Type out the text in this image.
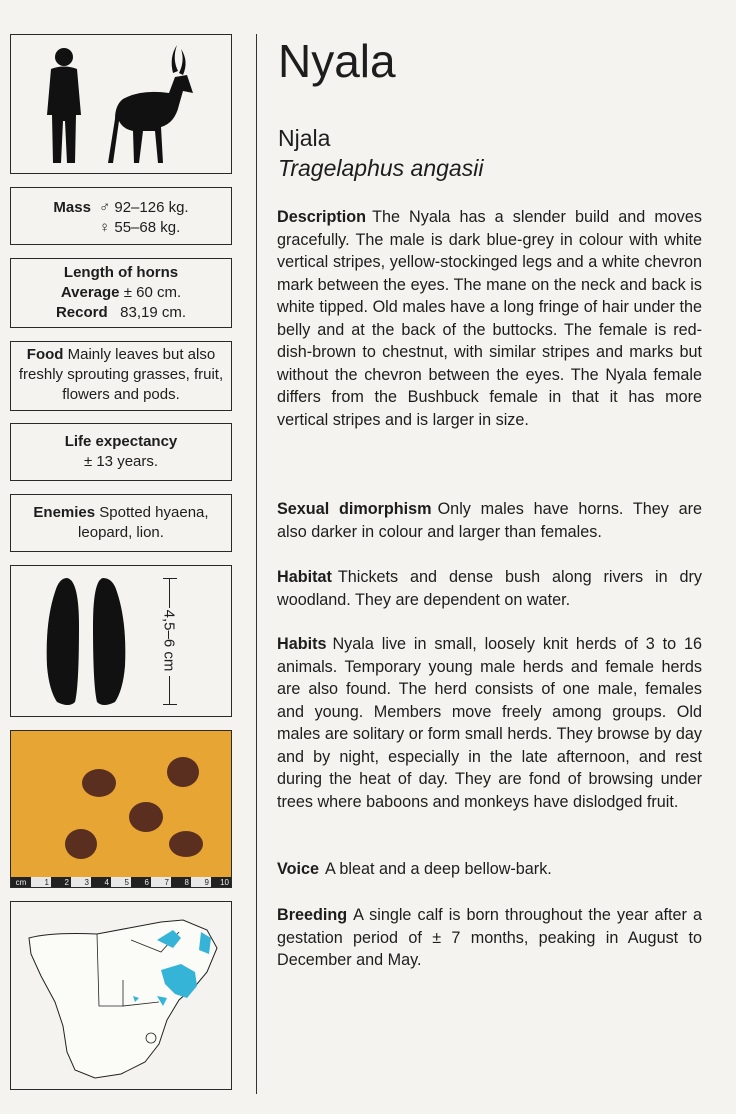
Mass ♂ 92–126 kg.
♀ 55–68 kg.
Length of horns
Average ± 60 cm.
Record 83,19 cm.
Food Mainly leaves but also freshly sprouting grasses, fruit, flowers and pods.
Life expectancy
± 13 years.
Enemies Spotted hyaena, leopard, lion.
4,5–6 cm
cm	1	2	3	4	5	6	7	8	9	10
Nyala
Njala
Tragelaphus angasii
Description The Nyala has a slender build and moves gracefully. The male is dark blue-grey in colour with white vertical stripes, yellow-stockinged legs and a white chevron mark between the eyes. The mane on the neck and back is white tipped. Old males have a long fringe of hair under the belly and at the back of the buttocks. The female is red-dish-brown to chestnut, with similar stripes and marks but without the chevron between the eyes. The Nyala female differs from the Bushbuck female in that it has more vertical stripes and is larger in size.
Sexual dimorphism Only males have horns. They are also darker in colour and larger than females.
Habitat Thickets and dense bush along rivers in dry woodland. They are dependent on water.
Habits Nyala live in small, loosely knit herds of 3 to 16 animals. Temporary young male herds and female herds are also found. The herd consists of one male, females and young. Members move freely among groups. Old males are solitary or form small herds. They browse by day and by night, especially in the late afternoon, and rest during the heat of day. They are fond of browsing under trees where baboons and monkeys have dislodged fruit.
Voice A bleat and a deep bellow-bark.
Breeding A single calf is born throughout the year after a gestation period of ± 7 months, peaking in August to December and May.
